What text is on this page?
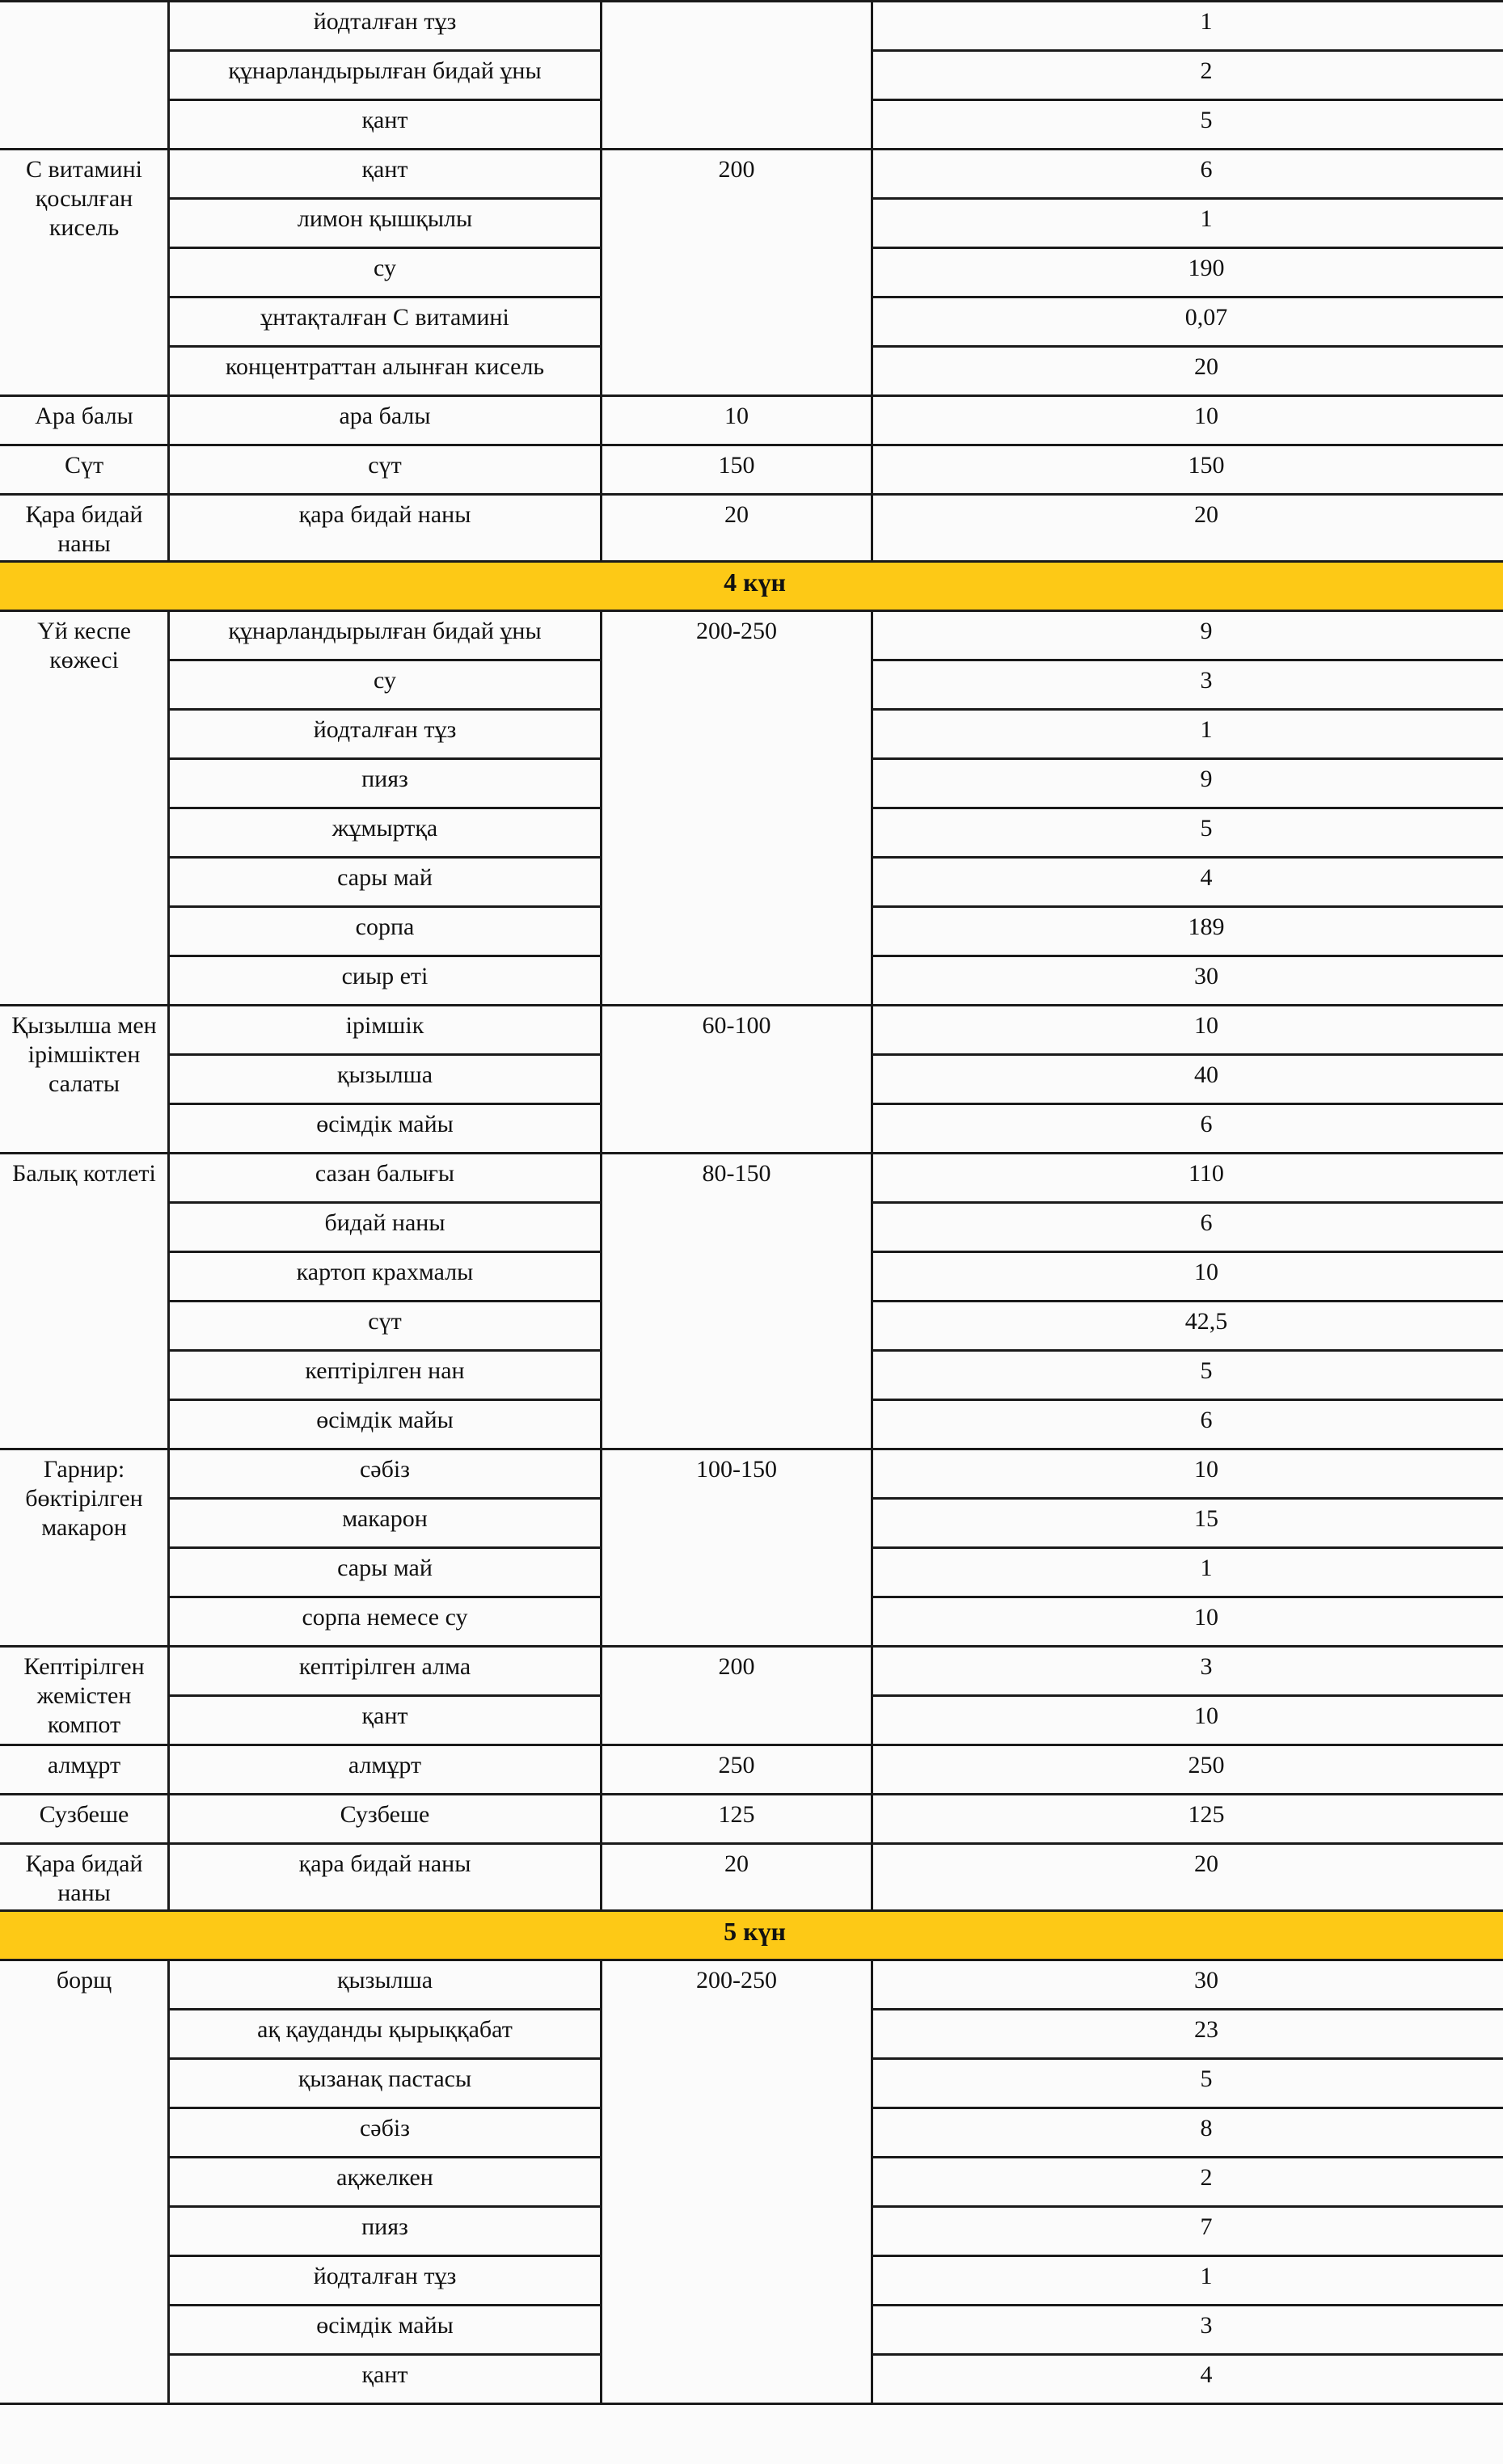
	йодталған тұз		1
	құнарландырылған бидай ұны		2
	қант		5
С витамині қосылған кисель	қант	200	6
	лимон қышқылы		1
	су		190
	ұнтақталған С витамині		0,07
	концентраттан алынған кисель		20
Ара балы	ара балы	10	10
Сүт	сүт	150	150
Қара бидай наны	қара бидай наны	20	20
4 күн			
Үй кеспе көжесі	құнарландырылған бидай ұны	200-250	9
	су		3
	йодталған тұз		1
	пияз		9
	жұмыртқа		5
	сары май		4
	сорпа		189
	сиыр еті		30
Қызылша мен ірімшіктен салаты	ірімшік	60-100	10
	қызылша		40
	өсімдік майы		6
Балық котлеті	сазан балығы	80-150	110
	бидай наны		6
	картоп крахмалы		10
	сүт		42,5
	кептірілген нан		5
	өсімдік майы		6
Гарнир: бөктірілген макарон	сәбіз	100-150	10
	макарон		15
	сары май		1
	сорпа немесе су		10
Кептірілген жемістен компот	кептірілген алма	200	3
	қант		10
алмұрт	алмұрт	250	250
Сузбеше	Сузбеше	125	125
Қара бидай наны	қара бидай наны	20	20
5 күн			
борщ	қызылша	200-250	30
	ақ қауданды қырыққабат		23
	қызанақ пастасы		5
	сәбіз		8
	ақжелкен		2
	пияз		7
	йодталған тұз		1
	өсімдік майы		3
	қант		4
